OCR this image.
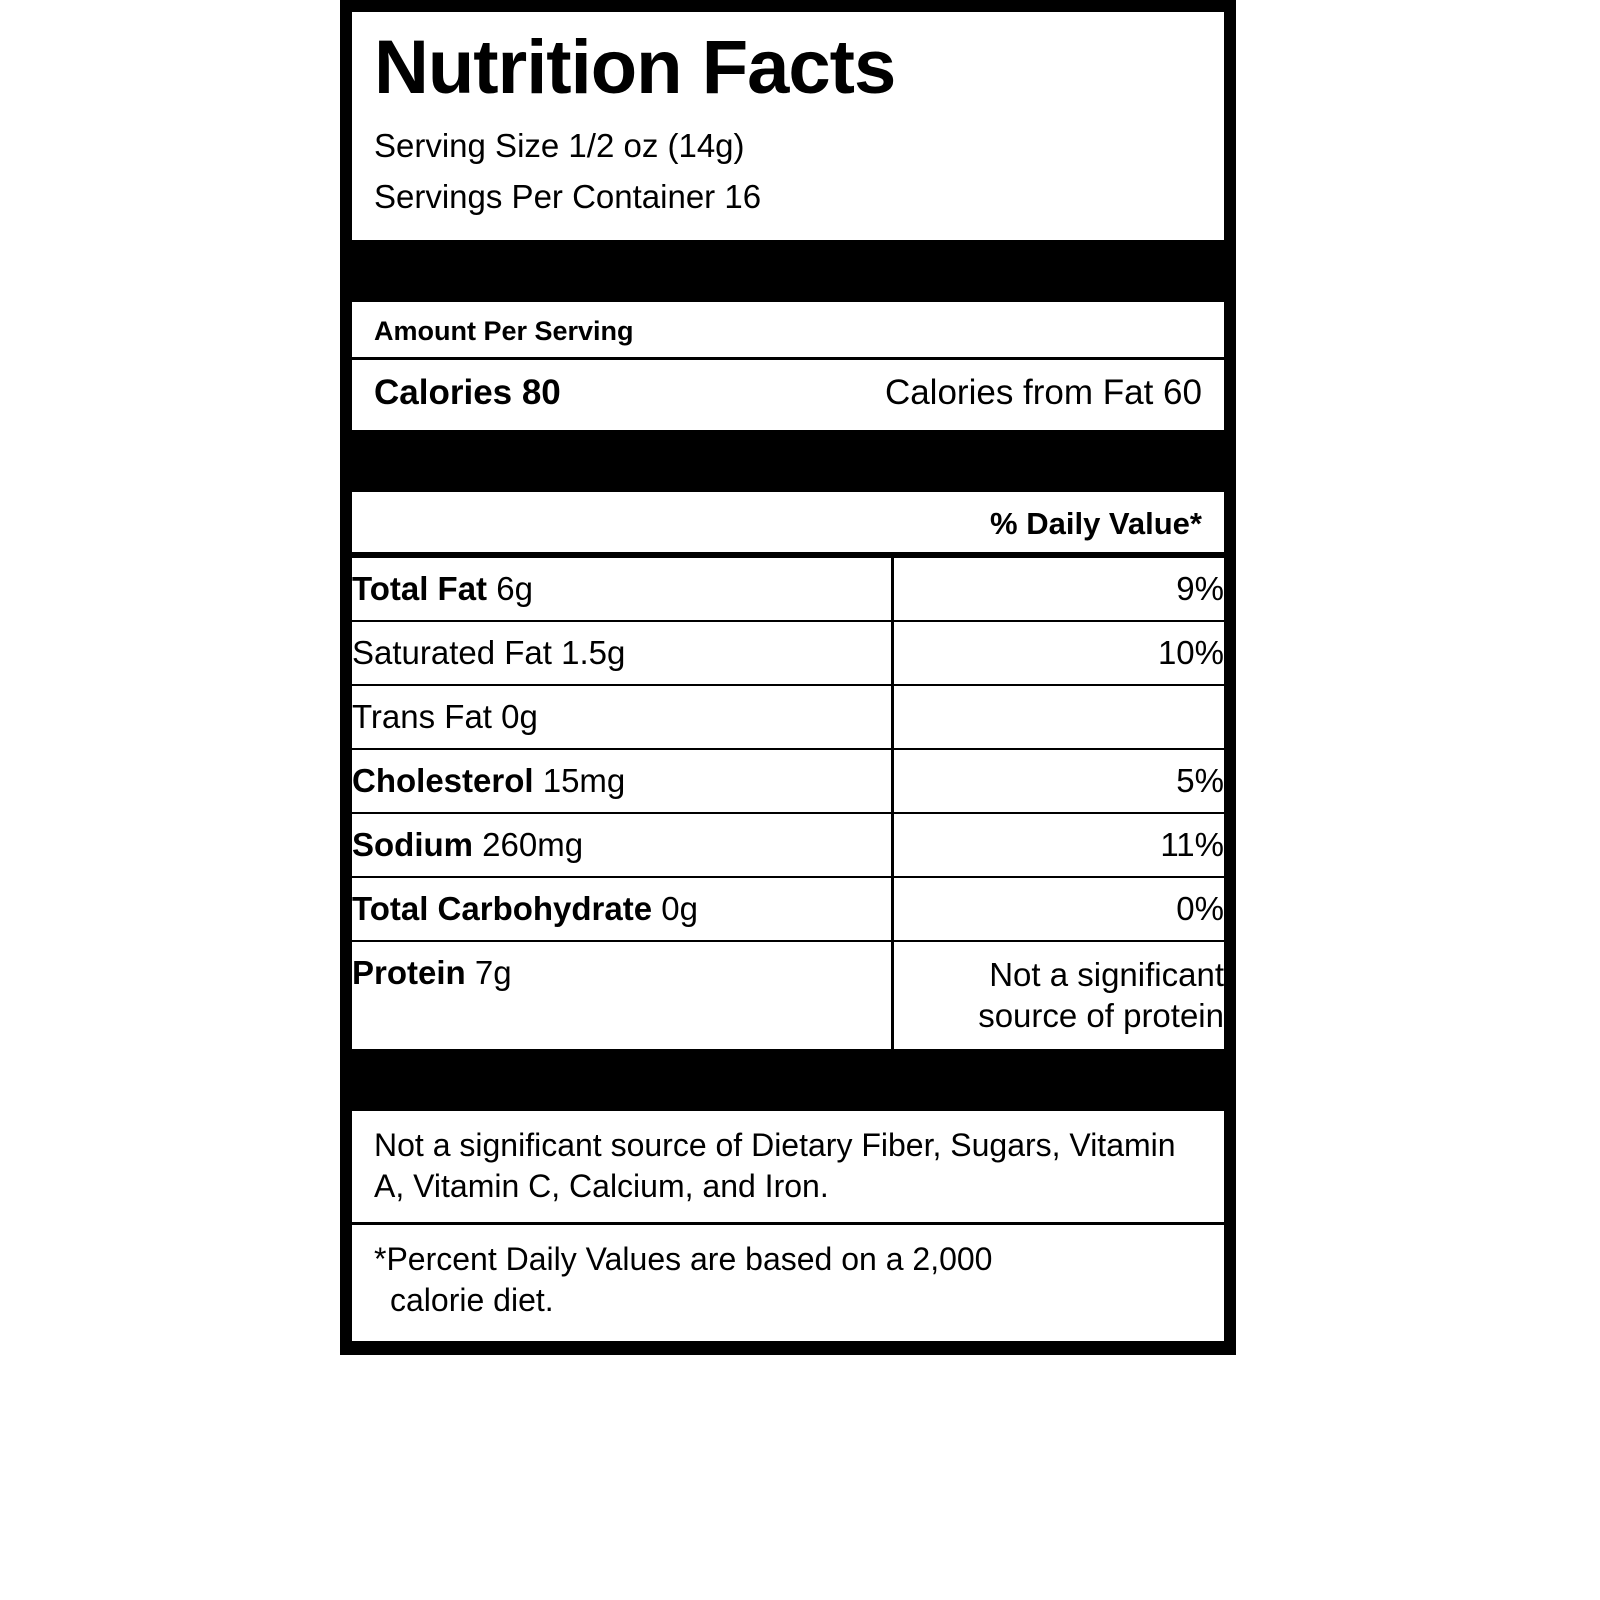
Nutrition Facts

Serving Size 1/2 oz (14g)

Servings Per Container 16

Amount Per Serving
Calories 80	Calories from Fat 60
% Daily Value*
Total Fat 6g	9%
Saturated Fat 1.5g	10%
Trans Fat 0g	
Cholesterol 15mg	5%
Sodium 260mg	11%
Total Carbohydrate 0g	0%
Protein 7g	Not a significant source of protein
Not a significant source of Dietary Fiber, Sugars, Vitamin A, Vitamin C, Calcium, and Iron.
*Percent Daily Values are based on a 2,000
calorie diet.
